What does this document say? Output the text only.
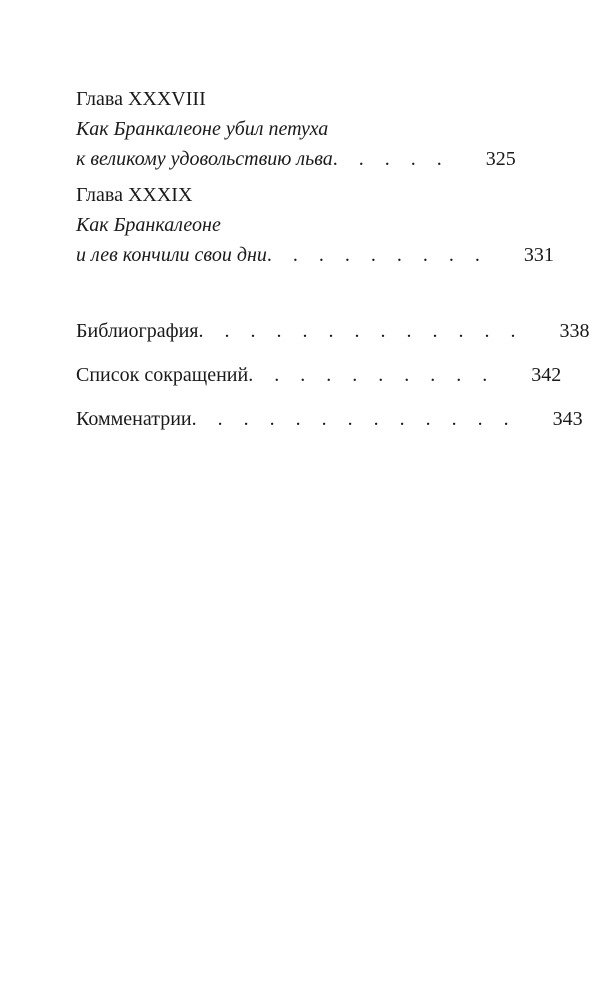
Глава XXXVIII
Как Бранкалеоне убил петуха
к великому удовольствию льва . . . . .	325
Глава XXXIX
Как Бранкалеоне
и лев кончили свои дни . . . . . . . . .	331
Библиография . . . . . . . . . . . . .	338
Список сокращений . . . . . . . . . .	342
Комменатрии . . . . . . . . . . . . .	343
